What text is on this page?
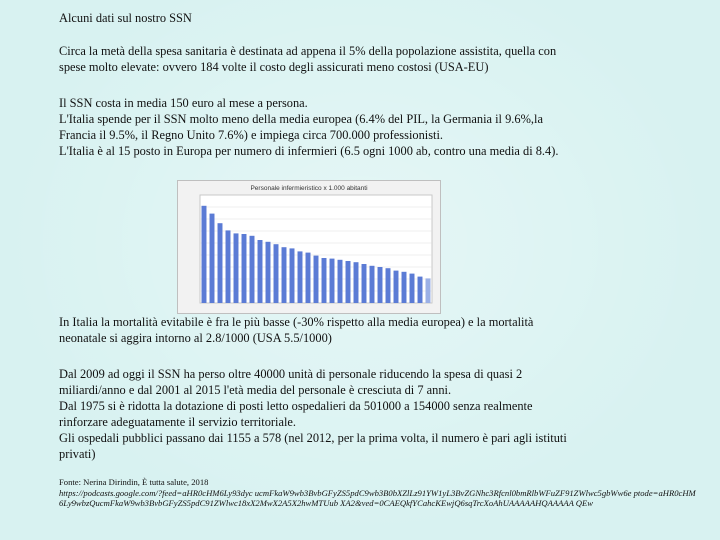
Alcuni dati sul nostro SSN
Circa la metà della spesa sanitaria è destinata ad appena il 5% della popolazione assistita, quella con
spese molto elevate: ovvero 184 volte il costo degli assicurati meno costosi (USA-EU)
Il SSN costa in media 150 euro al mese a persona.
L'Italia spende per il SSN molto meno della media europea (6.4% del PIL, la Germania il 9.6%,la
Francia il 9.5%, il Regno Unito 7.6%) e impiega circa 700.000 professionisti.
L'Italia è al 15 posto in Europa per numero di infermieri (6.5 ogni 1000 ab, contro una media di 8.4).
Personale infermieristico x 1.000 abitanti
In Italia la mortalità evitabile è fra le più basse (-30% rispetto alla media europea) e la mortalità
neonatale si aggira intorno al 2.8/1000 (USA 5.5/1000)
Dal 2009 ad oggi il SSN ha perso oltre 40000 unità di personale riducendo la spesa di quasi 2
miliardi/anno e dal 2001 al 2015 l'età media del personale è cresciuta di 7 anni.
Dal 1975 si è ridotta la dotazione di posti letto ospedalieri da 501000 a 154000 senza realmente
rinforzare adeguatamente il servizio territoriale.
Gli ospedali pubblici passano dai 1155 a 578 (nel 2012, per la prima volta, il numero è pari agli istituti
privati)
Fonte: Nerina Dirindin, È tutta salute, 2018
https://podcasts.google.com/?feed=aHR0cHM6Ly93dyc ucmFkaW9wb3BvbGFyZS5pdC9wb3B0bXZlLz91YW1yL3BvZGNhc3Rfcnl0bmRlbWFuZF91ZWlwc5gbWw6e ptode=aHR0cHM6Ly9wbzQucmFkaW9wb3BvbGFyZS5pdC91ZWlwc18xX2MwX2A5X2hwMTUub XA2&ved=0CAEQkfYCahcKEwjQ6sqTrcXoAhUAAAAAHQAAAAA QEw
